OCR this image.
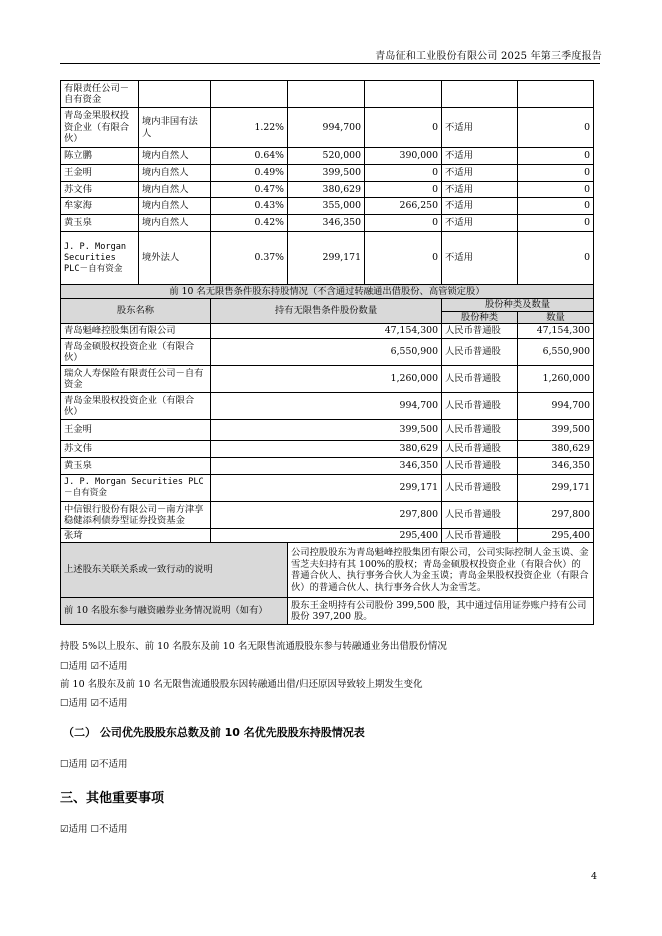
青岛征和工业股份有限公司 2025 年第三季度报告
有限责任公司－自有资金						
青岛金果股权投资企业（有限合伙）	境内非国有法人	1.22%	994,700	0	不适用	0
陈立鹏	境内自然人	0.64%	520,000	390,000	不适用	0
王金明	境内自然人	0.49%	399,500	0	不适用	0
苏文伟	境内自然人	0.47%	380,629	0	不适用	0
牟家海	境内自然人	0.43%	355,000	266,250	不适用	0
黄玉泉	境内自然人	0.42%	346,350	0	不适用	0
J. P. Morgan Securities PLC－自有资金	境外法人	0.37%	299,171	0	不适用	0
前 10 名无限售条件股东持股情况（不含通过转融通出借股份、高管锁定股）						
股东名称		持有无限售条件股份数量			股份种类及数量	
					股份种类	数量
青岛魁峰控股集团有限公司		47,154,300			人民币普通股	47,154,300
青岛金硕股权投资企业（有限合伙）		6,550,900			人民币普通股	6,550,900
瑞众人寿保险有限责任公司－自有资金		1,260,000			人民币普通股	1,260,000
青岛金果股权投资企业（有限合伙）		994,700			人民币普通股	994,700
王金明		399,500			人民币普通股	399,500
苏文伟		380,629			人民币普通股	380,629
黄玉泉		346,350			人民币普通股	346,350
J. P. Morgan Securities PLC－自有资金		299,171			人民币普通股	299,171
中信银行股份有限公司－南方津享稳健添利债券型证券投资基金		297,800			人民币普通股	297,800
张琦		295,400			人民币普通股	295,400
上述股东关联关系或一致行动的说明			公司控股股东为青岛魁峰控股集团有限公司，公司实际控制人金玉谟、金雪芝夫妇持有其 100%的股权；青岛金硕股权投资企业（有限合伙）的普通合伙人、执行事务合伙人为金玉谟；青岛金果股权投资企业（有限合伙）的普通合伙人、执行事务合伙人为金雪芝。			
前 10 名股东参与融资融券业务情况说明（如有）			股东王金明持有公司股份 399,500 股，其中通过信用证券账户持有公司股份 397,200 股。			
持股 5%以上股东、前 10 名股东及前 10 名无限售流通股股东参与转融通业务出借股份情况
☐适用 ☑不适用
前 10 名股东及前 10 名无限售流通股股东因转融通出借/归还原因导致较上期发生变化
☐适用 ☑不适用
（二） 公司优先股股东总数及前 10 名优先股股东持股情况表
☐适用 ☑不适用
三、其他重要事项
☑适用 ☐不适用
4
